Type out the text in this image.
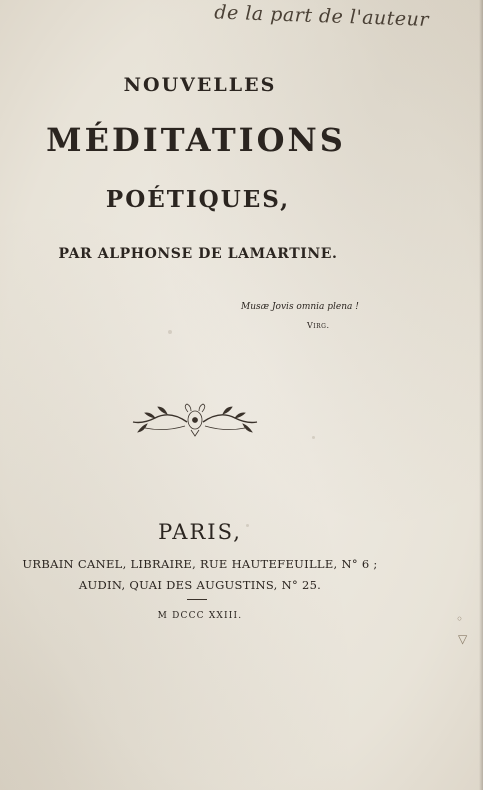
de la part de l'auteur
NOUVELLES
MÉDITATIONS
POÉTIQUES,
PAR ALPHONSE DE LAMARTINE.
Musæ Jovis omnia plena !
Virg.
PARIS,
URBAIN CANEL, LIBRAIRE, RUE HAUTEFEUILLE, N° 6 ;
AUDIN, QUAI DES AUGUSTINS, N° 25.
M DCCC XXIII.	◦
▽
